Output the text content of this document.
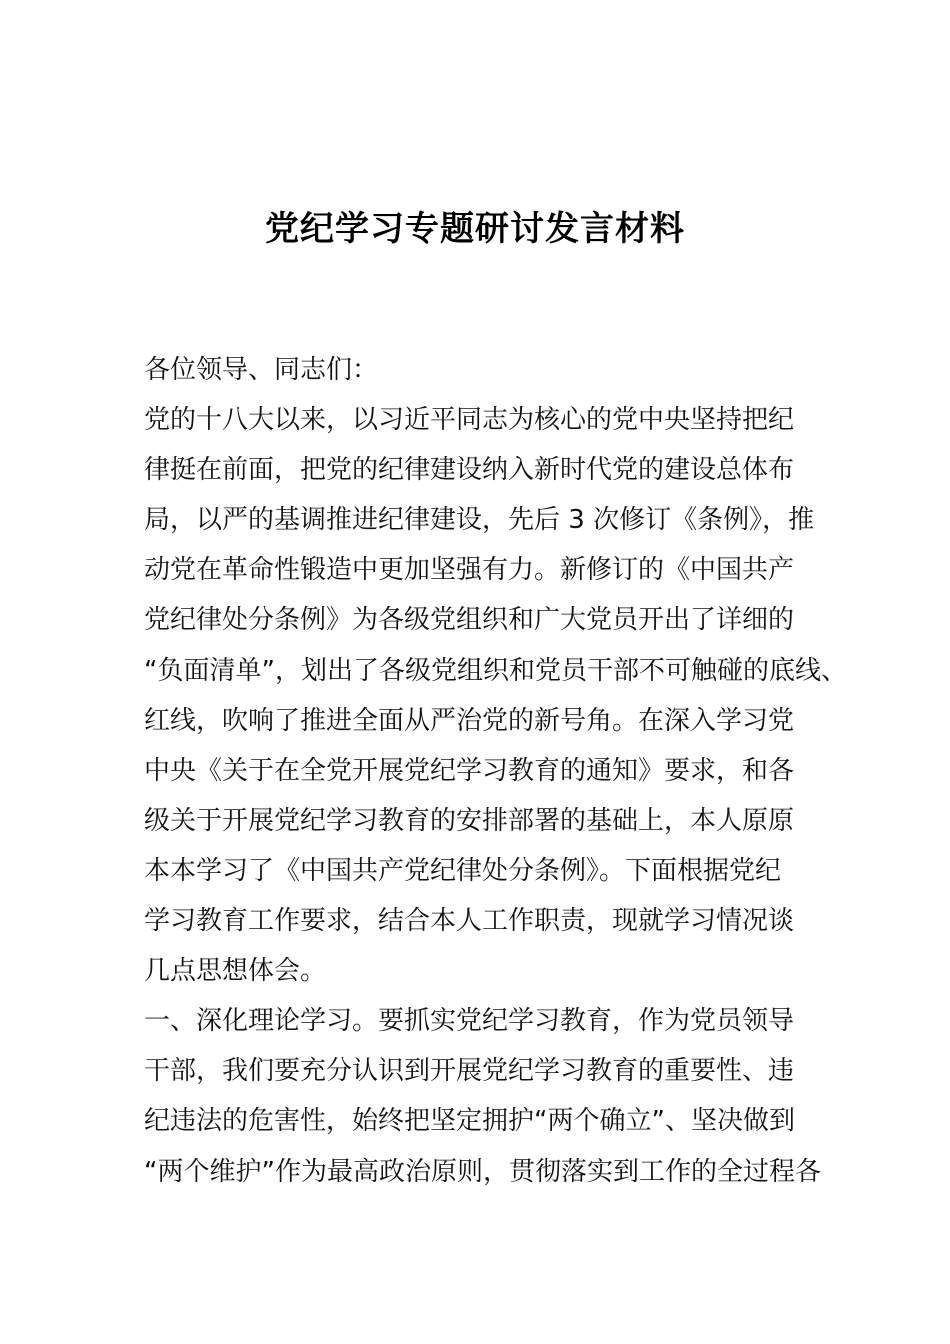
党纪学习专题研讨发言材料
各位领导、同志们：
党的十八大以来，以习近平同志为核心的党中央坚持把纪
律挺在前面，把党的纪律建设纳入新时代党的建设总体布
局，以严的基调推进纪律建设，先后 3 次修订《条例》，推
动党在革命性锻造中更加坚强有力。新修订的《中国共产
党纪律处分条例》为各级党组织和广大党员开出了详细的
“负面清单”，划出了各级党组织和党员干部不可触碰的底线、
红线，吹响了推进全面从严治党的新号角。在深入学习党
中央《关于在全党开展党纪学习教育的通知》要求，和各
级关于开展党纪学习教育的安排部署的基础上，本人原原
本本学习了《中国共产党纪律处分条例》。下面根据党纪
学习教育工作要求，结合本人工作职责，现就学习情况谈
几点思想体会。
一、深化理论学习。要抓实党纪学习教育，作为党员领导
干部，我们要充分认识到开展党纪学习教育的重要性、违
纪违法的危害性，始终把坚定拥护“两个确立”、坚决做到
“两个维护”作为最高政治原则，贯彻落实到工作的全过程各
